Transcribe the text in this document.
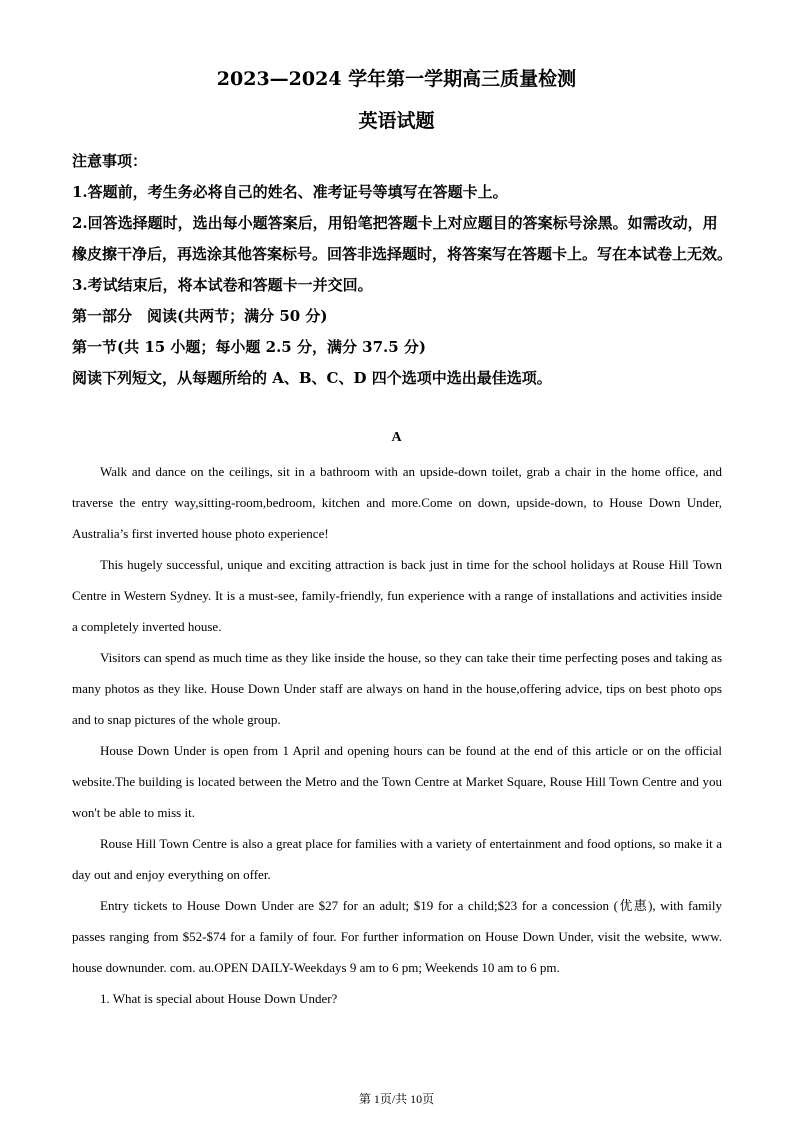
2023—2024 学年第一学期高三质量检测
英语试题
注意事项：
1.答题前，考生务必将自己的姓名、准考证号等填写在答题卡上。
2.回答选择题时，选出每小题答案后，用铅笔把答题卡上对应题目的答案标号涂黑。如需改动，用橡皮擦干净后，再选涂其他答案标号。回答非选择题时，将答案写在答题卡上。写在本试卷上无效。
3.考试结束后，将本试卷和答题卡一并交回。
第一部分　阅读(共两节；满分 50 分)
第一节(共 15 小题；每小题 2.5 分，满分 37.5 分)
阅读下列短文，从每题所给的 A、B、C、D 四个选项中选出最佳选项。
A

Walk and dance on the ceilings, sit in a bathroom with an upside-down toilet, grab a chair in the home office, and traverse the entry way,sitting-room,bedroom, kitchen and more.Come on down, upside-down, to House Down Under, Australia’s first inverted house photo experience!

This hugely successful, unique and exciting attraction is back just in time for the school holidays at Rouse Hill Town Centre in Western Sydney. It is a must-see, family-friendly, fun experience with a range of installations and activities inside a completely inverted house.

Visitors can spend as much time as they like inside the house, so they can take their time perfecting poses and taking as many photos as they like. House Down Under staff are always on hand in the house,offering advice, tips on best photo ops and to snap pictures of the whole group.

House Down Under is open from 1 April and opening hours can be found at the end of this article or on the official website.The building is located between the Metro and the Town Centre at Market Square, Rouse Hill Town Centre and you won't be able to miss it.

Rouse Hill Town Centre is also a great place for families with a variety of entertainment and food options, so make it a day out and enjoy everything on offer.

Entry tickets to House Down Under are $27 for an adult; $19 for a child;$23 for a concession (优惠), with family passes ranging from $52-$74 for a family of four. For further information on House Down Under, visit the website, www. house downunder. com. au.OPEN DAILY-Weekdays 9 am to 6 pm; Weekends 10 am to 6 pm.

1. What is special about House Down Under?

第 1页/共 10页
